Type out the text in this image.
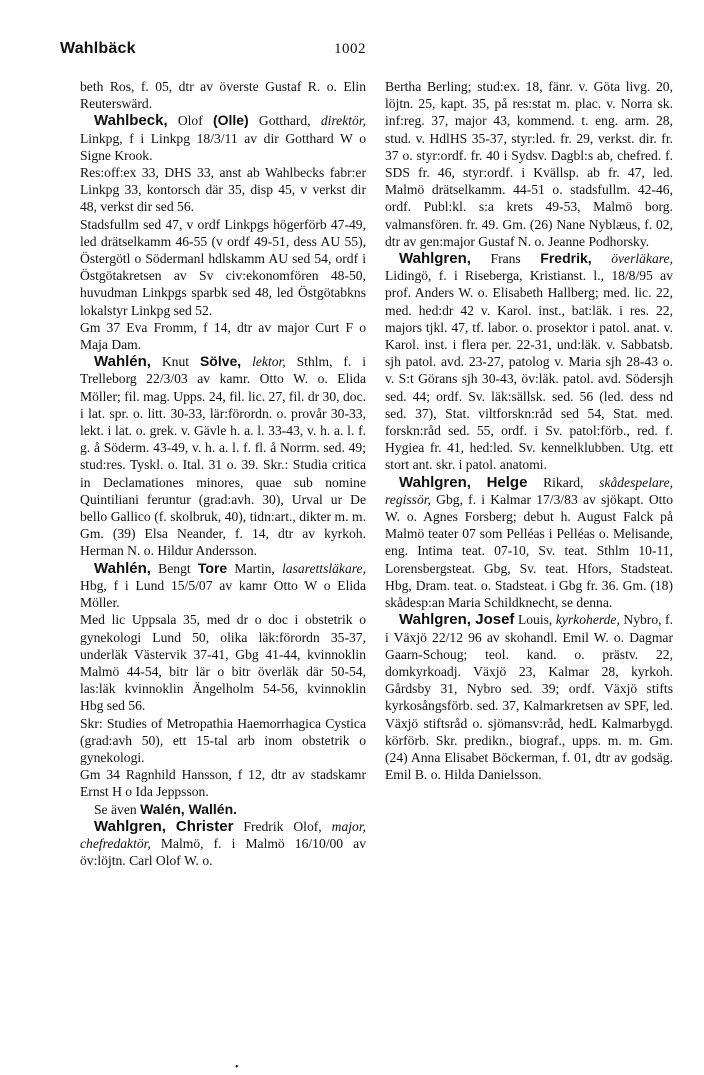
Wahlbäck	1002

beth Ros, f. 05, dtr av överste Gustaf R. o. Elin Reuterswärd.

Wahlbeck, Olof (Olle) Gotthard, direktör, Linkpg, f i Linkpg 18/3/11 av dir Gotthard W o Signe Krook.

Res:off:ex 33, DHS 33, anst ab Wahlbecks fabr:er Linkpg 33, kontorsch där 35, disp 45, v verkst dir 48, verkst dir sed 56.

Stadsfullm sed 47, v ordf Linkpgs högerförb 47-49, led drätselkamm 46-55 (v ordf 49-51, dess AU 55), Östergötl o Södermanl hdlskamm AU sed 54, ordf i Östgötakretsen av Sv civ:ekonomfören 48-50, huvudman Linkpgs sparbk sed 48, led Östgötabkns lokalstyr Linkpg sed 52.

Gm 37 Eva Fromm, f 14, dtr av major Curt F o Maja Dam.

Wahlén, Knut Sölve, lektor, Sthlm, f. i Trelleborg 22/3/03 av kamr. Otto W. o. Elida Möller; fil. mag. Upps. 24, fil. lic. 27, fil. dr 30, doc. i lat. spr. o. litt. 30-33, lär:förordn. o. provår 30-33, lekt. i lat. o. grek. v. Gävle h. a. l. 33-43, v. h. a. l. f. g. å Söderm. 43-49, v. h. a. l. f. fl. å Norrm. sed. 49; stud:res. Tyskl. o. Ital. 31 o. 39. Skr.: Studia critica in Declamationes minores, quae sub nomine Quintiliani feruntur (grad:avh. 30), Urval ur De bello Gallico (f. skolbruk, 40), tidn:art., dikter m. m. Gm. (39) Elsa Neander, f. 14, dtr av kyrkoh. Herman N. o. Hildur Andersson.

Wahlén, Bengt Tore Martin, lasarettsläkare, Hbg, f i Lund 15/5/07 av kamr Otto W o Elida Möller.

Med lic Uppsala 35, med dr o doc i obstetrik o gynekologi Lund 50, olika läk:förordn 35-37, underläk Västervik 37-41, Gbg 41-44, kvinnoklin Malmö 44-54, bitr lär o bitr överläk där 50-54, las:läk kvinnoklin Ängelholm 54-56, kvinnoklin Hbg sed 56.

Skr: Studies of Metropathia Haemorrhagica Cystica (grad:avh 50), ett 15-tal arb inom obstetrik o gynekologi.

Gm 34 Ragnhild Hansson, f 12, dtr av stadskamr Ernst H o Ida Jeppsson.

Se även Walén, Wallén.

Wahlgren, Christer Fredrik Olof, major, chefredaktör, Malmö, f. i Malmö 16/10/00 av öv:löjtn. Carl Olof W. o.

Bertha Berling; stud:ex. 18, fänr. v. Göta livg. 20, löjtn. 25, kapt. 35, på res:stat m. plac. v. Norra sk. inf:reg. 37, major 43, kommend. t. eng. arm. 28, stud. v. HdlHS 35-37, styr:led. fr. 29, verkst. dir. fr. 37 o. styr:ordf. fr. 40 i Sydsv. Dagbl:s ab, chefred. f. SDS fr. 46, styr:ordf. i Kvällsp. ab fr. 47, led. Malmö drätselkamm. 44-51 o. stadsfullm. 42-46, ordf. Publ:kl. s:a krets 49-53, Malmö borg. valmansfören. fr. 49. Gm. (26) Nane Nyblæus, f. 02, dtr av gen:major Gustaf N. o. Jeanne Podhorsky.

Wahlgren, Frans Fredrik, överläkare, Lidingö, f. i Riseberga, Kristianst. l., 18/8/95 av prof. Anders W. o. Elisabeth Hallberg; med. lic. 22, med. hed:dr 42 v. Karol. inst., bat:läk. i res. 22, majors tjkl. 47, tf. labor. o. prosektor i patol. anat. v. Karol. inst. i flera per. 22-31, und:läk. v. Sabbatsb. sjh patol. avd. 23-27, patolog v. Maria sjh 28-43 o. v. S:t Görans sjh 30-43, öv:läk. patol. avd. Södersjh sed. 44; ordf. Sv. läk:sällsk. sed. 56 (led. dess nd sed. 37), Stat. viltforskn:råd sed 54, Stat. med. forskn:råd sed. 55, ordf. i Sv. patol:förb., red. f. Hygiea fr. 41, hed:led. Sv. kennelklubben. Utg. ett stort ant. skr. i patol. anatomi.

Wahlgren, Helge Rikard, skådespelare, regissör, Gbg, f. i Kalmar 17/3/83 av sjökapt. Otto W. o. Agnes Forsberg; debut h. August Falck på Malmö teater 07 som Pelléas i Pelléas o. Melisande, eng. Intima teat. 07-10, Sv. teat. Sthlm 10-11, Lorensbergsteat. Gbg, Sv. teat. Hfors, Stadsteat. Hbg, Dram. teat. o. Stadsteat. i Gbg fr. 36. Gm. (18) skådesp:an Maria Schildknecht, se denna.

Wahlgren, Josef Louis, kyrkoherde, Nybro, f. i Växjö 22/12 96 av skohandl. Emil W. o. Dagmar Gaarn-Schoug; teol. kand. o. prästv. 22, domkyrkoadj. Växjö 23, Kalmar 28, kyrkoh. Gårdsby 31, Nybro sed. 39; ordf. Växjö stifts kyrkosångsförb. sed. 37, Kalmarkretsen av SPF, led. Växjö stiftsråd o. sjömansv:råd, hedL Kalmarbygd. körförb. Skr. predikn., biograf., upps. m. m. Gm. (24) Anna Elisabet Böckerman, f. 01, dtr av godsäg. Emil B. o. Hilda Danielsson.

•
